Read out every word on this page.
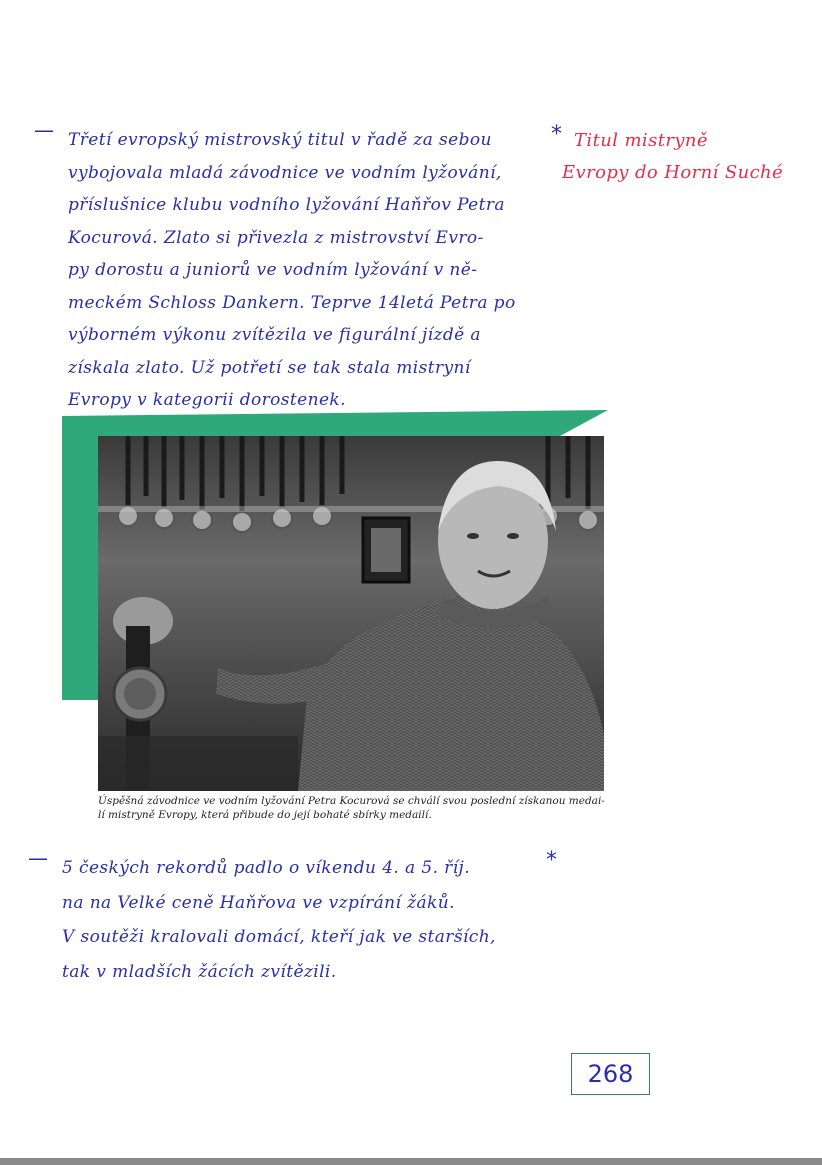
— Třetí evropský mistrovský titul v řadě za sebou
vybojovala mladá závodnice ve vodním lyžování,
příslušnice klubu vodního lyžování Haňřov Petra
Kocurová. Zlato si přivezla z mistrovství Evro-
py dorostu a juniorů ve vodním lyžování v ně-
meckém Schloss Dankern. Teprve 14letá Petra po
výborném výkonu zvítězila ve figurální jízdě a
získala zlato. Už potřetí se tak stala mistryní
Evropy v kategorii dorostenek.
* Titul mistryně
Evropy do Horní Suché
Úspěšná závodnice ve vodním lyžování Petra Kocurová se chválí svou poslední získanou medai- lí mistryně Evropy, která přibude do její bohaté sbírky medailí.
— 5 českých rekordů padlo o víkendu 4. a 5. říj.
na na Velké ceně Haňřova ve vzpírání žáků.
V soutěži kralovali domácí, kteří jak ve starších,
tak v mladších žácích zvítězili.
*
268
